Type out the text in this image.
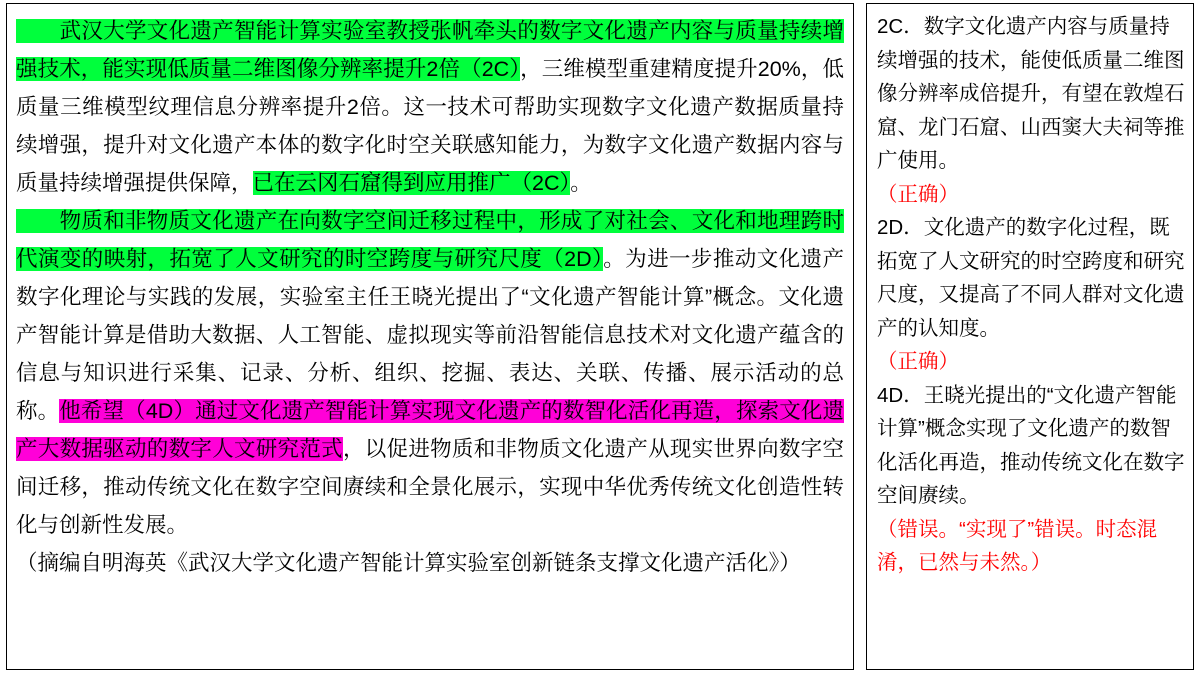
　　武汉大学文化遗产智能计算实验室教授张帆牵头的数字文化遗产内容与质量持续增强技术，能实现低质量二维图像分辨率提升2倍（2C），三维模型重建精度提升20%，低质量三维模型纹理信息分辨率提升2倍。这一技术可帮助实现数字文化遗产数据质量持续增强，提升对文化遗产本体的数字化时空关联感知能力，为数字文化遗产数据内容与质量持续增强提供保障，已在云冈石窟得到应用推广（2C）。

　　物质和非物质文化遗产在向数字空间迁移过程中，形成了对社会、文化和地理跨时代演变的映射，拓宽了人文研究的时空跨度与研究尺度（2D）。为进一步推动文化遗产数字化理论与实践的发展，实验室主任王晓光提出了“文化遗产智能计算”概念。文化遗产智能计算是借助大数据、人工智能、虚拟现实等前沿智能信息技术对文化遗产蕴含的信息与知识进行采集、记录、分析、组织、挖掘、表达、关联、传播、展示活动的总称。他希望（4D）通过文化遗产智能计算实现文化遗产的数智化活化再造，探索文化遗产大数据驱动的数字人文研究范式，以促进物质和非物质文化遗产从现实世界向数字空间迁移，推动传统文化在数字空间赓续和全景化展示，实现中华优秀传统文化创造性转化与创新性发展。

（摘编自明海英《武汉大学文化遗产智能计算实验室创新链条支撑文化遗产活化》）

2C．数字文化遗产内容与质量持续增强的技术，能使低质量二维图像分辨率成倍提升，有望在敦煌石窟、龙门石窟、山西窦大夫祠等推广使用。

（正确）

2D．文化遗产的数字化过程，既拓宽了人文研究的时空跨度和研究尺度，又提高了不同人群对文化遗产的认知度。

（正确）

4D．王晓光提出的“文化遗产智能计算”概念实现了文化遗产的数智化活化再造，推动传统文化在数字空间赓续。

（错误。“实现了”错误。时态混淆，已然与未然。）
